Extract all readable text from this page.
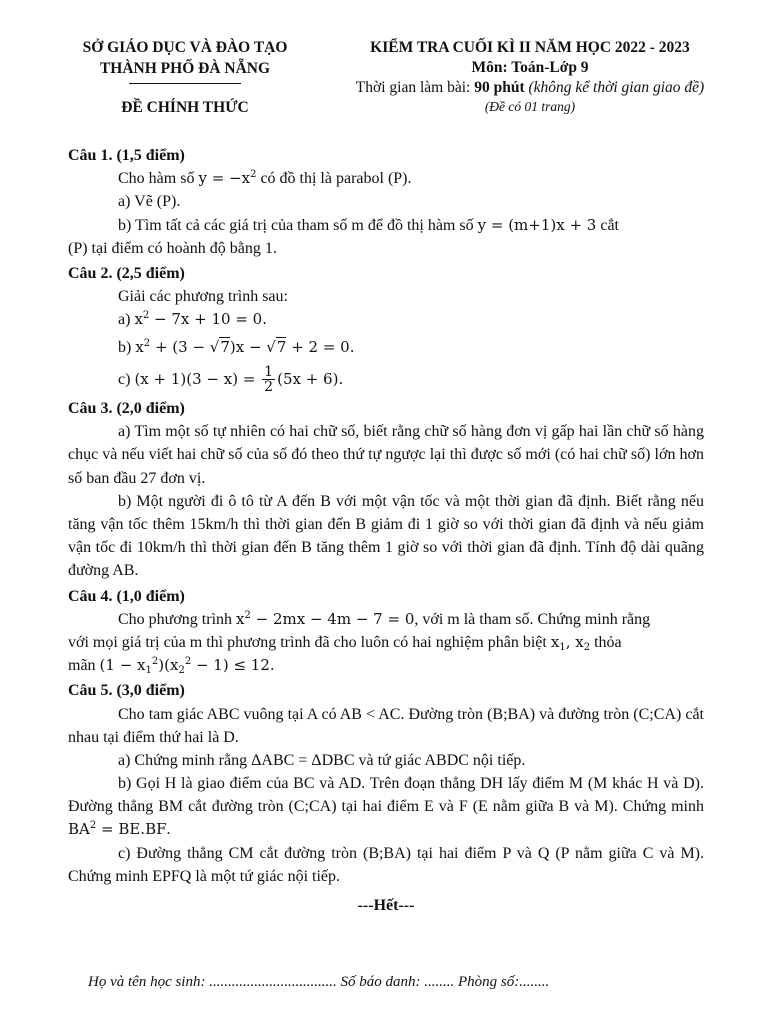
SỞ GIÁO DỤC VÀ ĐÀO TẠO
THÀNH PHỐ ĐÀ NẴNG
ĐỀ CHÍNH THỨC
KIỂM TRA CUỐI KÌ II NĂM HỌC 2022 - 2023
Môn: Toán-Lớp 9
Thời gian làm bài: 90 phút (không kể thời gian giao đề)
(Đề có 01 trang)
Câu 1. (1,5 điểm)
Cho hàm số $y = -x^2$ có đồ thị là parabol (P).
a) Vẽ (P).
b) Tìm tất cả các giá trị của tham số m để đồ thị hàm số y = (m+1)x + 3 cắt
(P) tại điểm có hoành độ bằng 1.
Câu 2. (2,5 điểm)
Giải các phương trình sau:
a) $x^2 - 7x + 10 = 0$.
b) $x^2 + (3 - √7)x - √7 + 2 = 0$.
c) $(x + 1)(3 - x) = \frac{1}{2} (5x + 6)$.
Câu 3. (2,0 điểm)
a) Tìm một số tự nhiên có hai chữ số, biết rằng chữ số hàng đơn vị gấp hai lần chữ số hàng chục và nếu viết hai chữ số của số đó theo thứ tự ngược lại thì được số mới (có hai chữ số) lớn hơn số ban đầu 27 đơn vị.
b) Một người đi ô tô từ A đến B với một vận tốc và một thời gian đã định. Biết rằng nếu tăng vận tốc thêm 15km/h thì thời gian đến B giảm đi 1 giờ so với thời gian đã định và nếu giảm vận tốc đi 10km/h thì thời gian đến B tăng thêm 1 giờ so với thời gian đã định. Tính độ dài quãng đường AB.
Câu 4. (1,0 điểm)
Cho phương trình $x^2 - 2mx - 4m - 7 = 0$, với m là tham số. Chứng minh rằng
với mọi giá trị của m thì phương trình đã cho luôn có hai nghiệm phân biệt $x_1$, $x_2$ thỏa
mãn $(1 - x_1^2)(x_2^2 - 1) \le 12$.
Câu 5. (3,0 điểm)
Cho tam giác ABC vuông tại A có AB < AC. Đường tròn (B;BA) và đường tròn (C;CA) cắt nhau tại điểm thứ hai là D.
a) Chứng minh rằng ΔABC = ΔDBC và tứ giác ABDC nội tiếp.
b) Gọi H là giao điểm của BC và AD. Trên đoạn thẳng DH lấy điểm M (M khác H và D). Đường thẳng BM cắt đường tròn (C;CA) tại hai điểm E và F (E nằm giữa B và M). Chứng minh $BA^2 = BE.BF$.
c) Đường thẳng CM cắt đường tròn (B;BA) tại hai điểm P và Q (P nằm giữa C và M). Chứng minh EPFQ là một tứ giác nội tiếp.
---Hết---
Họ và tên học sinh: .................................. Số báo danh: ........ Phòng số:........
